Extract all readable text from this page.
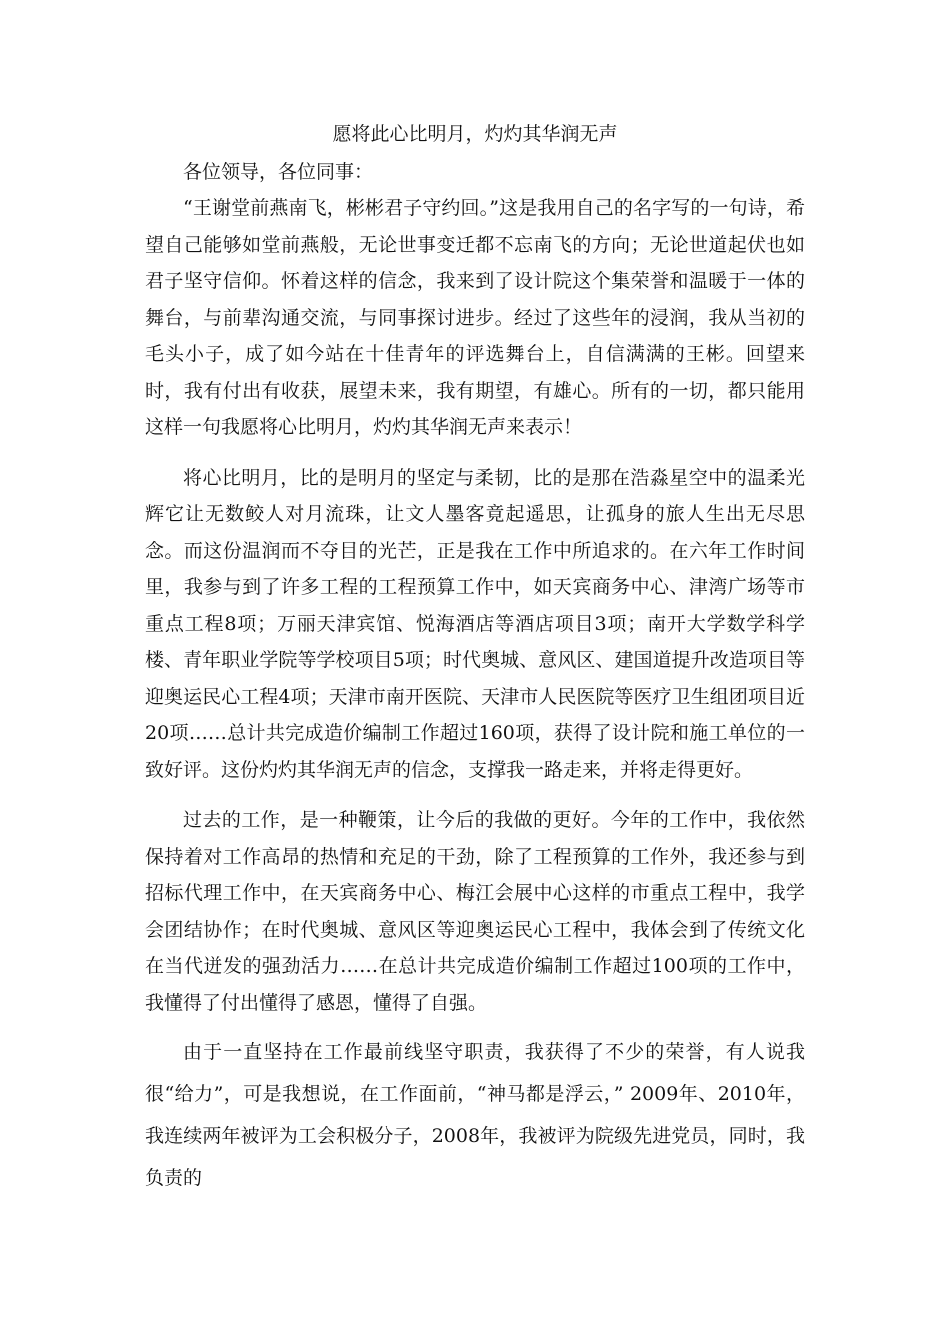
愿将此心比明月，灼灼其华润无声

各位领导，各位同事：

“王谢堂前燕南飞，彬彬君子守约回。”这是我用自己的名字写的一句诗，希望自己能够如堂前燕般，无论世事变迁都不忘南飞的方向；无论世道起伏也如君子坚守信仰。怀着这样的信念，我来到了设计院这个集荣誉和温暖于一体的舞台，与前辈沟通交流，与同事探讨进步。经过了这些年的浸润，我从当初的毛头小子，成了如今站在十佳青年的评选舞台上，自信满满的王彬。回望来时，我有付出有收获，展望未来，我有期望，有雄心。所有的一切，都只能用这样一句我愿将心比明月，灼灼其华润无声来表示！

将心比明月，比的是明月的坚定与柔韧，比的是那在浩淼星空中的温柔光辉它让无数鲛人对月流珠，让文人墨客竟起遥思，让孤身的旅人生出无尽思念。而这份温润而不夺目的光芒，正是我在工作中所追求的。在六年工作时间里，我参与到了许多工程的工程预算工作中，如天宾商务中心、津湾广场等市重点工程8项；万丽天津宾馆、悦海酒店等酒店项目3项；南开大学数学科学楼、青年职业学院等学校项目5项；时代奥城、意风区、建国道提升改造项目等迎奥运民心工程4项；天津市南开医院、天津市人民医院等医疗卫生组团项目近20项……总计共完成造价编制工作超过160项，获得了设计院和施工单位的一致好评。这份灼灼其华润无声的信念，支撑我一路走来，并将走得更好。

过去的工作，是一种鞭策，让今后的我做的更好。今年的工作中，我依然保持着对工作高昂的热情和充足的干劲，除了工程预算的工作外，我还参与到招标代理工作中，在天宾商务中心、梅江会展中心这样的市重点工程中，我学会团结协作；在时代奥城、意风区等迎奥运民心工程中，我体会到了传统文化在当代迸发的强劲活力……在总计共完成造价编制工作超过100项的工作中，我懂得了付出懂得了感恩，懂得了自强。

由于一直坚持在工作最前线坚守职责，我获得了不少的荣誉，有人说我很“给力”，可是我想说，在工作面前，“神马都是浮云，” 2009年、2010年，我连续两年被评为工会积极分子，2008年，我被评为院级先进党员，同时，我负责的
